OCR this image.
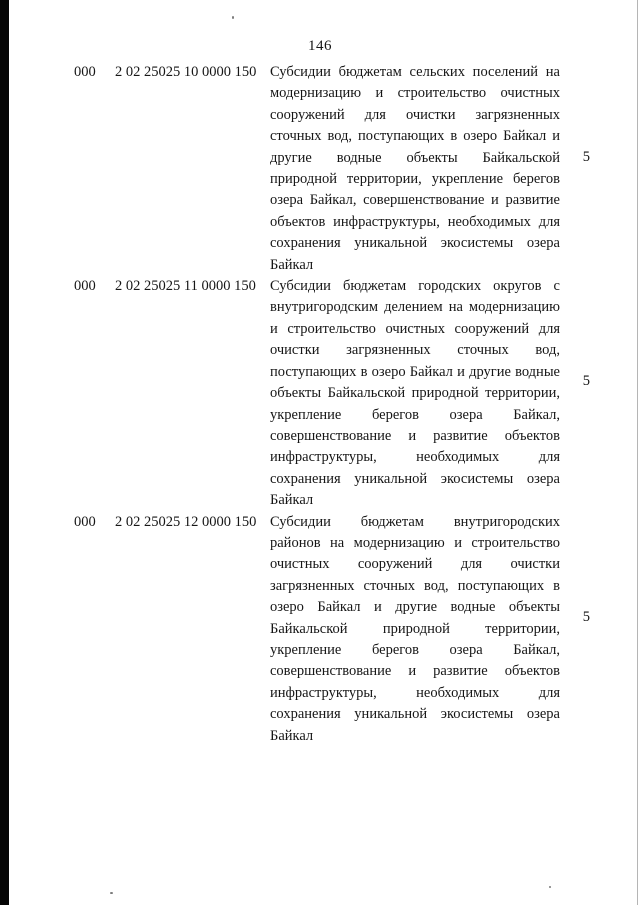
146
000	2 02 25025 10 0000 150 Субсидии бюджетам сельских поселений на модернизацию и строительство очистных сооружений для очистки загрязненных сточных вод, поступающих в озеро Байкал и другие водные объекты Байкальской природной территории, укрепление берегов озера Байкал, совершенствование и развитие объектов инфраструктуры, необходимых для сохранения уникальной экосистемы озера Байкал
5
000	2 02 25025 11 0000 150 Субсидии бюджетам городских округов с внутригородским делением на модернизацию и строительство очистных сооружений для очистки загрязненных сточных вод, поступающих в озеро Байкал и другие водные объекты Байкальской природной территории, укрепление берегов озера Байкал, совершенствование и развитие объектов инфраструктуры, необходимых для сохранения уникальной экосистемы озера Байкал
5
000	2 02 25025 12 0000 150 Субсидии бюджетам внутригородских районов на модернизацию и строительство очистных сооружений для очистки загрязненных сточных вод, поступающих в озеро Байкал и другие водные объекты Байкальской природной территории, укрепление берегов озера Байкал, совершенствование и развитие объектов инфраструктуры, необходимых для сохранения уникальной экосистемы озера Байкал
5
